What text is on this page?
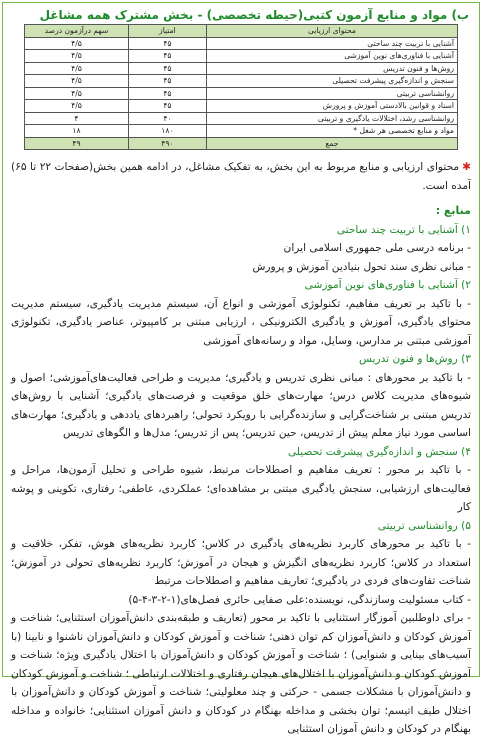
ب) مواد و منابع آزمون کتبی(حیطه تخصصی) - بخش مشترک همه مشاغل
محتوای ارزیابی	امتیاز	سهم درآزمون درصد
آشنایی با تربیت چند ساحتی	۴۵	۴/۵
آشنایی با فناوری‌های نوین آموزشی	۴۵	۴/۵
روش‌ها و فنون تدریس	۴۵	۴/۵
سنجش و اندازه‌گیری پیشرفت تحصیلی	۴۵	۴/۵
روانشناسی تربیتی	۴۵	۴/۵
اسناد و قوانین بالادستی آموزش و پرورش	۴۵	۴/۵
روانشناسی رشد، اختلالات یادگیری و تربیتی	۴۰	۴
مواد و منابع تخصصی هر شغل *	۱۸۰	۱۸
جمع	۴۹۰	۴۹
✱محتوای ارزیابی و منابع مربوط به این بخش، به تفکیک مشاغل، در ادامه همین بخش(صفحات ۲۲ تا ۶۵) آمده است.
منابع :
۱) آشنایی با تربیت چند ساحتی

- برنامه درسی ملی جمهوری اسلامی ایران

- مبانی نظری سند تحول بنیادین آموزش و پرورش

۲) آشنایی با فناوری‌های نوین آموزشی

- با تاکید بر تعریف مفاهیم، تکنولوژی آموزشی و انواع آن، سیستم مدیریت یادگیری، سیستم مدیریت محتوای یادگیری، آموزش و یادگیری الکترونیکی ، ارزیابی مبتنی بر کامپیوتر، عناصر یادگیری، تکنولوژی آموزشی مبتنی بر مدارس، وسایل، مواد و رسانه‌های آموزشی

۳) روش‌ها و فنون تدریس

- با تاکید بر محورهای : مبانی نظری تدریس و یادگیری؛ مدیریت و طراحی فعالیت‌های‌آموزشی؛ اصول و شیوه‌های مدیریت کلاس درس؛ مهارت‌های خلق موقعیت و فرصت‌های یادگیری؛ آشنایی با روش‌های تدریس مبتنی بر شناخت‌گرایی و سازنده‌گرایی با رویکرد تحولی؛ راهبردهای یاددهی و یادگیری؛ مهارت‌های اساسی مورد نیاز معلم پیش از تدریس، حین تدریس؛ پس از تدریس؛ مدل‌ها و الگوهای تدریس

۴) سنجش و اندازه‌گیری پیشرفت تحصیلی

- با تاکید بر محور : تعریف مفاهیم و اصطلاحات مرتبط، شیوه طراحی و تحلیل آزمون‌ها، مراحل و فعالیت‌های ارزشیابی، سنجش یادگیری مبتنی بر مشاهده‌ای؛ عملکردی، عاطفی؛ رفتاری، تکوینی و پوشه کار

۵) روانشناسی تربیتی

- با تاکید بر محورهای کاربرد نظریه‌های یادگیری در کلاس؛ کاربرد نظریه‌های هوش، تفکر، خلاقیت و استعداد در کلاس؛ کاربرد نظریه‌های انگیزش و هیجان در آموزش؛ کاربرد نظریه‌های تحولی در آموزش؛ شناخت تفاوت‌های فردی در یادگیری؛ تعاریف مفاهیم و اصطلاحات مرتبط

- کتاب مسئولیت وسازندگی، نویسنده:علی صفایی حائری فصل‌های(۱-۲-۳-۴-۵)

- برای داوطلبین آموزگار استثنایی با تاکید بر محور (تعاریف و طبقه‌بندی دانش‌آموزان استثنایی؛ شناخت و آموزش کودکان و دانش‌آموزان کم توان ذهنی؛ شناخت و آموزش کودکان و دانش‌آموزان ناشنوا و نابینا (با آسیب‌های بینایی و شنوایی) ؛ شناخت و آموزش کودکان و دانش‌آموزان با اختلال یادگیری ویژه؛ شناخت و آموزش کودکان و دانش‌آموزان با اختلال‌های هیجان رفتاری و اختلالات ارتباطی ؛ شناخت و آموزش کودکان و دانش‌آموزان با مشکلات جسمی - حرکتی و چند معلولیتی؛ شناخت و آموزش کودکان و دانش‌آموزان با اختلال طیف اتیسم؛ توان بخشی و مداخله بهنگام در کودکان و دانش آموزان استثنایی؛ خانواده و مداخله بهنگام در کودکان و دانش آموزان استثنایی
